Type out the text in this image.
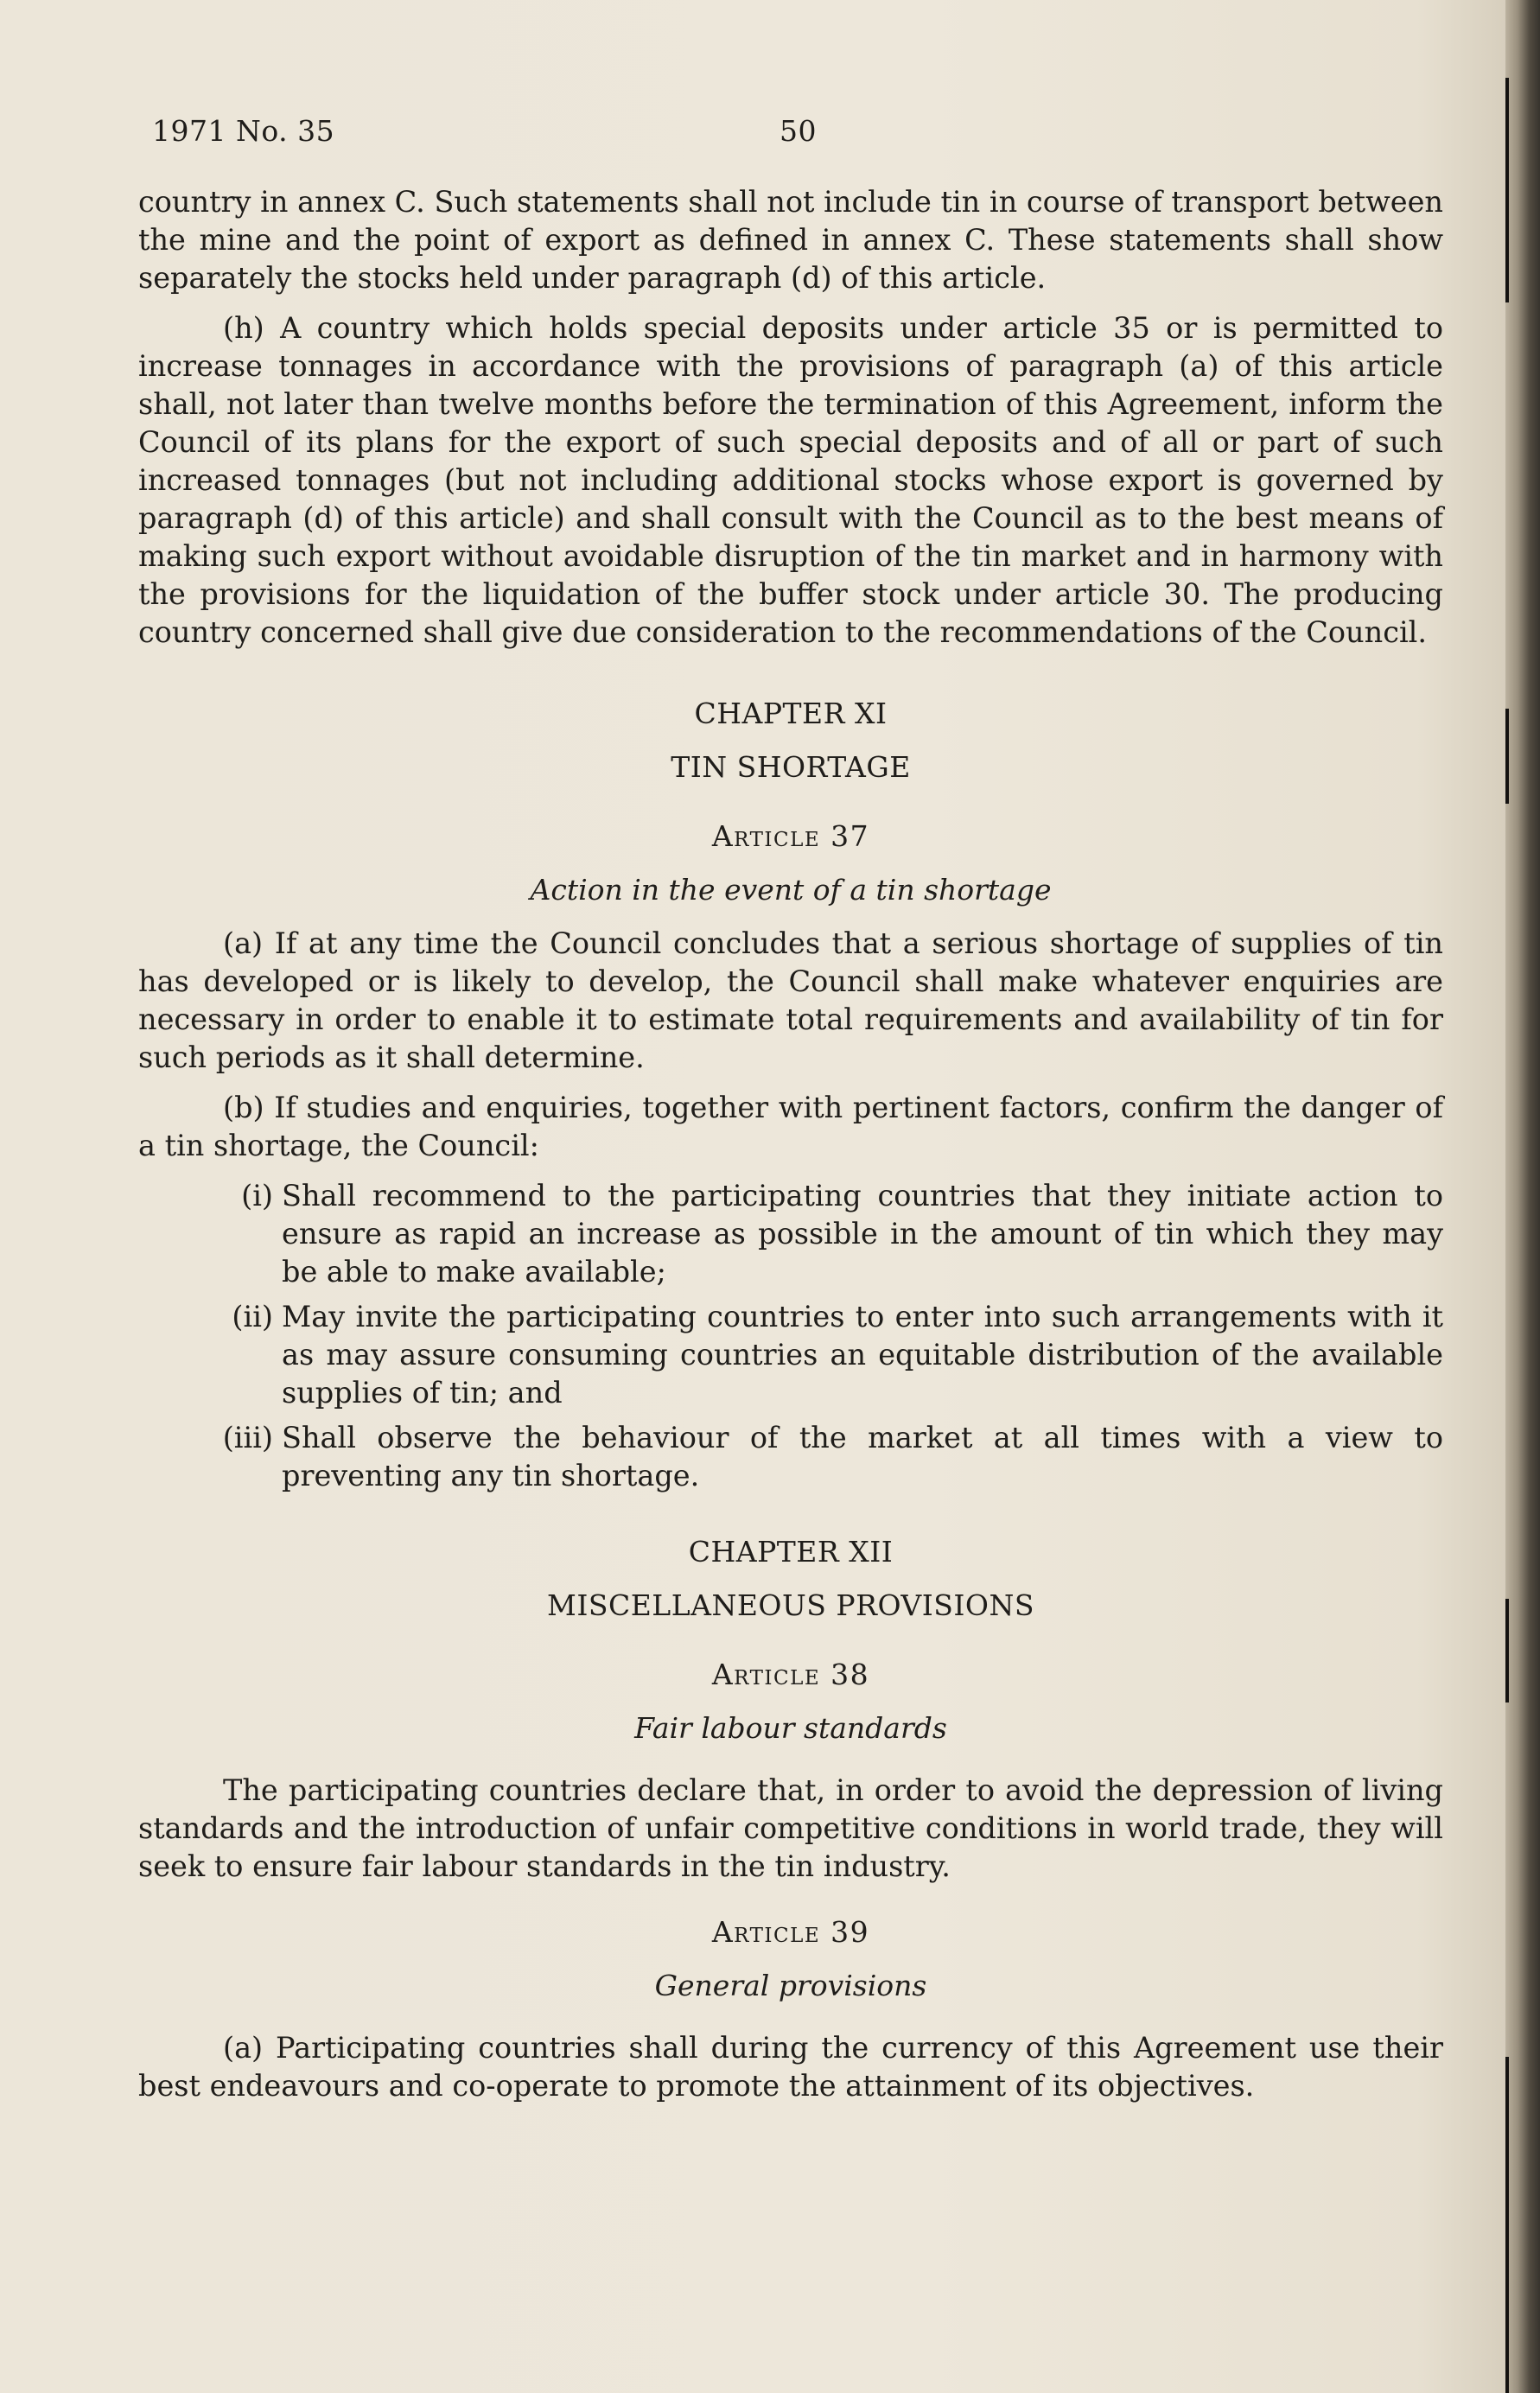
1971 No. 35	50

country in annex C. Such statements shall not include tin in course of transport between the mine and the point of export as defined in annex C. These statements shall show separately the stocks held under paragraph (d) of this article.

(h) A country which holds special deposits under article 35 or is permitted to increase tonnages in accordance with the provisions of paragraph (a) of this article shall, not later than twelve months before the termination of this Agreement, inform the Council of its plans for the export of such special deposits and of all or part of such increased tonnages (but not including additional stocks whose export is governed by paragraph (d) of this article) and shall consult with the Council as to the best means of making such export without avoidable disruption of the tin market and in harmony with the provisions for the liquidation of the buffer stock under article 30. The producing country concerned shall give due consideration to the recommendations of the Council.

CHAPTER XI
TIN SHORTAGE
Article 37
Action in the event of a tin shortage

(a) If at any time the Council concludes that a serious shortage of supplies of tin has developed or is likely to develop, the Council shall make whatever enquiries are necessary in order to enable it to estimate total requirements and availability of tin for such periods as it shall determine.

(b) If studies and enquiries, together with pertinent factors, confirm the danger of a tin shortage, the Council:

(i) Shall recommend to the participating countries that they initiate action to ensure as rapid an increase as possible in the amount of tin which they may be able to make available;
(ii) May invite the participating countries to enter into such arrangements with it as may assure consuming countries an equitable distribution of the available supplies of tin; and
(iii) Shall observe the behaviour of the market at all times with a view to preventing any tin shortage.
CHAPTER XII
MISCELLANEOUS PROVISIONS
Article 38
Fair labour standards

The participating countries declare that, in order to avoid the depression of living standards and the introduction of unfair competitive conditions in world trade, they will seek to ensure fair labour standards in the tin industry.

Article 39
General provisions

(a) Participating countries shall during the currency of this Agreement use their best endeavours and co-operate to promote the attainment of its objectives.
